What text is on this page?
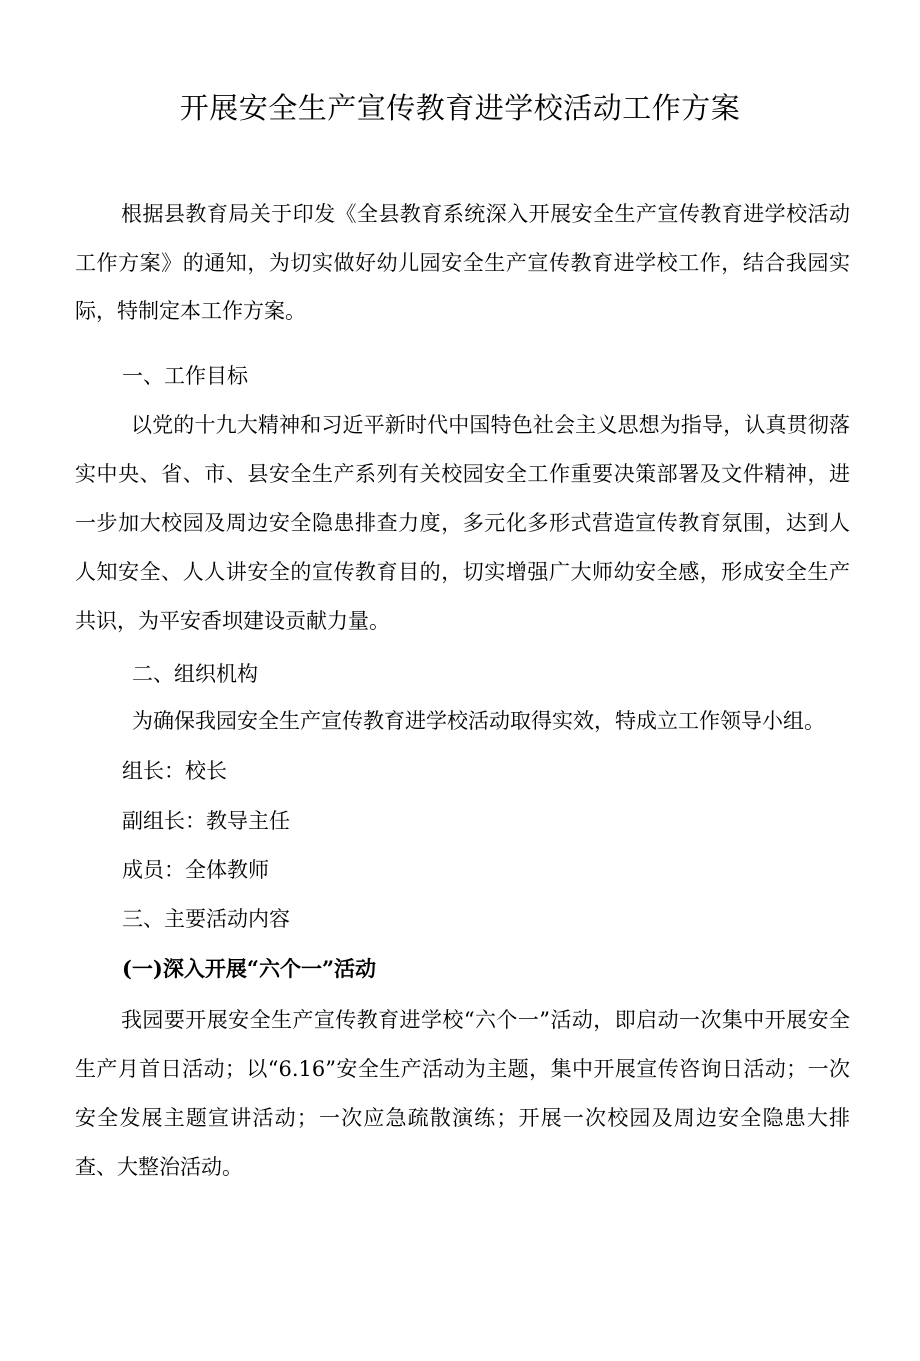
开展安全生产宣传教育进学校活动工作方案
根据县教育局关于印发《全县教育系统深入开展安全生产宣传教育进学校活动工作方案》的通知，为切实做好幼儿园安全生产宣传教育进学校工作，结合我园实际，特制定本工作方案。
一、工作目标
以党的十九大精神和习近平新时代中国特色社会主义思想为指导，认真贯彻落实中央、省、市、县安全生产系列有关校园安全工作重要决策部署及文件精神，进一步加大校园及周边安全隐患排查力度，多元化多形式营造宣传教育氛围，达到人人知安全、人人讲安全的宣传教育目的，切实增强广大师幼安全感，形成安全生产共识，为平安香坝建设贡献力量。
二、组织机构
为确保我园安全生产宣传教育进学校活动取得实效，特成立工作领导小组。
组长：校长
副组长：教导主任
成员：全体教师
三、主要活动内容
(一)深入开展“六个一”活动
我园要开展安全生产宣传教育进学校“六个一”活动，即启动一次集中开展安全生产月首日活动；以“6.16”安全生产活动为主题，集中开展宣传咨询日活动；一次安全发展主题宣讲活动；一次应急疏散演练；开展一次校园及周边安全隐患大排查、大整治活动。
